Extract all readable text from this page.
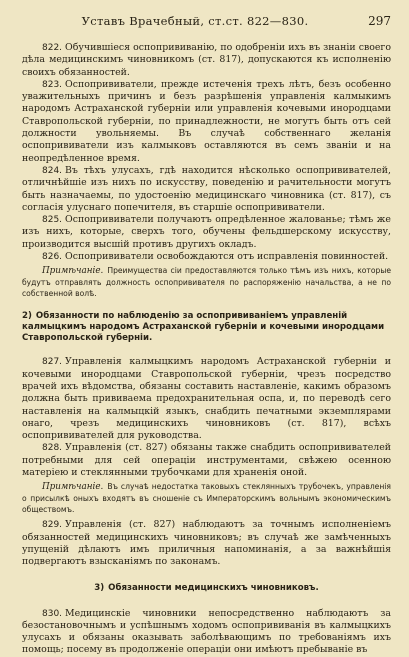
Уставъ Врачебный, ст.ст. 822—830.	297

822. Обучившіеся оспопрививанію, по одобреніи ихъ въ знаніи своего дѣла медицинскимъ чиновникомъ (ст. 817), допускаются къ исполненію своихъ обязанностей.

823. Оспопрививатели, прежде истеченія трехъ лѣтъ, безъ особенно уважительныхъ причинъ и безъ разрѣшенія управленія калмыкимъ народомъ Астраханской губерніи или управленія кочевыми инородцами Ставропольской губерніи, по принадлежности, не могутъ быть отъ сей должности увольняемы. Въ случаѣ собственнаго желанія оспопрививатели изъ калмыковъ оставляются въ семъ званіи и на неопредѣленное время.

824. Въ тѣхъ улусахъ, гдѣ находится нѣсколько оспопрививателей, отличнѣйшіе изъ нихъ по искусству, поведенію и рачительности могутъ быть назначаемы, по удостоенію медицинскаго чиновника (ст. 817), съ согласія улуснаго попечителя, въ старшіе оспопрививатели.

825. Оспопрививатели получаютъ опредѣленное жалованье; тѣмъ же изъ нихъ, которые, сверхъ того, обучены фельдшерскому искусству, производится высшій противъ другихъ окладъ.

826. Оспопрививатели освобождаются отъ исправленія повинностей.

Примѣчаніе. Преимущества сіи предоставляются только тѣмъ изъ нихъ, которые будутъ отправлять должность оспопрививателя по распоряженію начальства, а не по собственной волѣ.
2) Обязанности по наблюденію за оспопрививаніемъ управленій калмыцкимъ народомъ Астраханской губерніи и кочевыми инородцами Ставропольской губерніи.

827. Управленія калмыцкимъ народомъ Астраханской губерніи и кочевыми инородцами Ставропольской губерніи, чрезъ посредство врачей ихъ вѣдомства, обязаны составить наставленіе, какимъ образомъ должна быть прививаема предохранительная оспа, и, по переводѣ сего наставленія на калмыцкій языкъ, снабдить печатными экземплярами онаго, чрезъ медицинскихъ чиновниковъ (ст. 817), всѣхъ оспопрививателей для руководства.

828. Управленія (ст. 827) обязаны также снабдить оспопрививателей потребными для сей операціи инструментами, свѣжею осенною матеріею и стеклянными трубочками для храненія оной.

Примѣчаніе. Въ случаѣ недостатка таковыхъ стеклянныхъ трубочекъ, управленія о присылкѣ оныхъ входятъ въ сношеніе съ Императорскимъ вольнымъ экономическимъ обществомъ.

829. Управленія (ст. 827) наблюдаютъ за точнымъ исполненіемъ обязанностей медицинскихъ чиновниковъ; въ случаѣ же замѣченныхъ упущеній дѣлаютъ имъ приличныя напоминанія, а за важнѣйшія подвергаютъ взысканіямъ по законамъ.

3) Обязанности медицинскихъ чиновниковъ.

830. Медицинскіе чиновники непосредственно наблюдаютъ за безостановочнымъ и успѣшнымъ ходомъ оспопрививанія въ калмыцкихъ улусахъ и обязаны оказывать заболѣвающимъ по требованіямъ ихъ помощь; посему въ продолженіе операціи они имѣютъ пребываніе въ
